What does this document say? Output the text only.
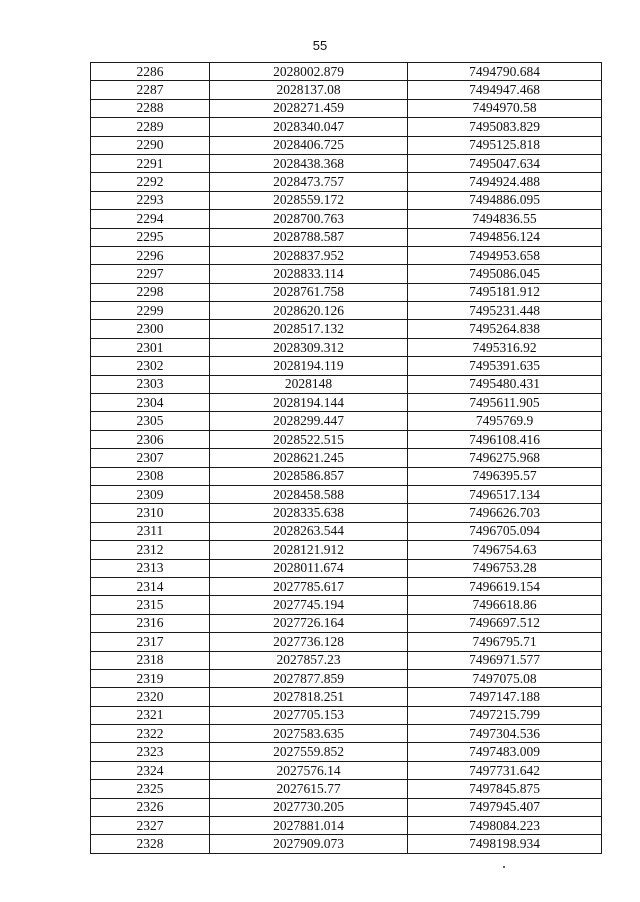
55
2286	2028002.879	7494790.684
2287	2028137.08	7494947.468
2288	2028271.459	7494970.58
2289	2028340.047	7495083.829
2290	2028406.725	7495125.818
2291	2028438.368	7495047.634
2292	2028473.757	7494924.488
2293	2028559.172	7494886.095
2294	2028700.763	7494836.55
2295	2028788.587	7494856.124
2296	2028837.952	7494953.658
2297	2028833.114	7495086.045
2298	2028761.758	7495181.912
2299	2028620.126	7495231.448
2300	2028517.132	7495264.838
2301	2028309.312	7495316.92
2302	2028194.119	7495391.635
2303	2028148	7495480.431
2304	2028194.144	7495611.905
2305	2028299.447	7495769.9
2306	2028522.515	7496108.416
2307	2028621.245	7496275.968
2308	2028586.857	7496395.57
2309	2028458.588	7496517.134
2310	2028335.638	7496626.703
2311	2028263.544	7496705.094
2312	2028121.912	7496754.63
2313	2028011.674	7496753.28
2314	2027785.617	7496619.154
2315	2027745.194	7496618.86
2316	2027726.164	7496697.512
2317	2027736.128	7496795.71
2318	2027857.23	7496971.577
2319	2027877.859	7497075.08
2320	2027818.251	7497147.188
2321	2027705.153	7497215.799
2322	2027583.635	7497304.536
2323	2027559.852	7497483.009
2324	2027576.14	7497731.642
2325	2027615.77	7497845.875
2326	2027730.205	7497945.407
2327	2027881.014	7498084.223
2328	2027909.073	7498198.934
